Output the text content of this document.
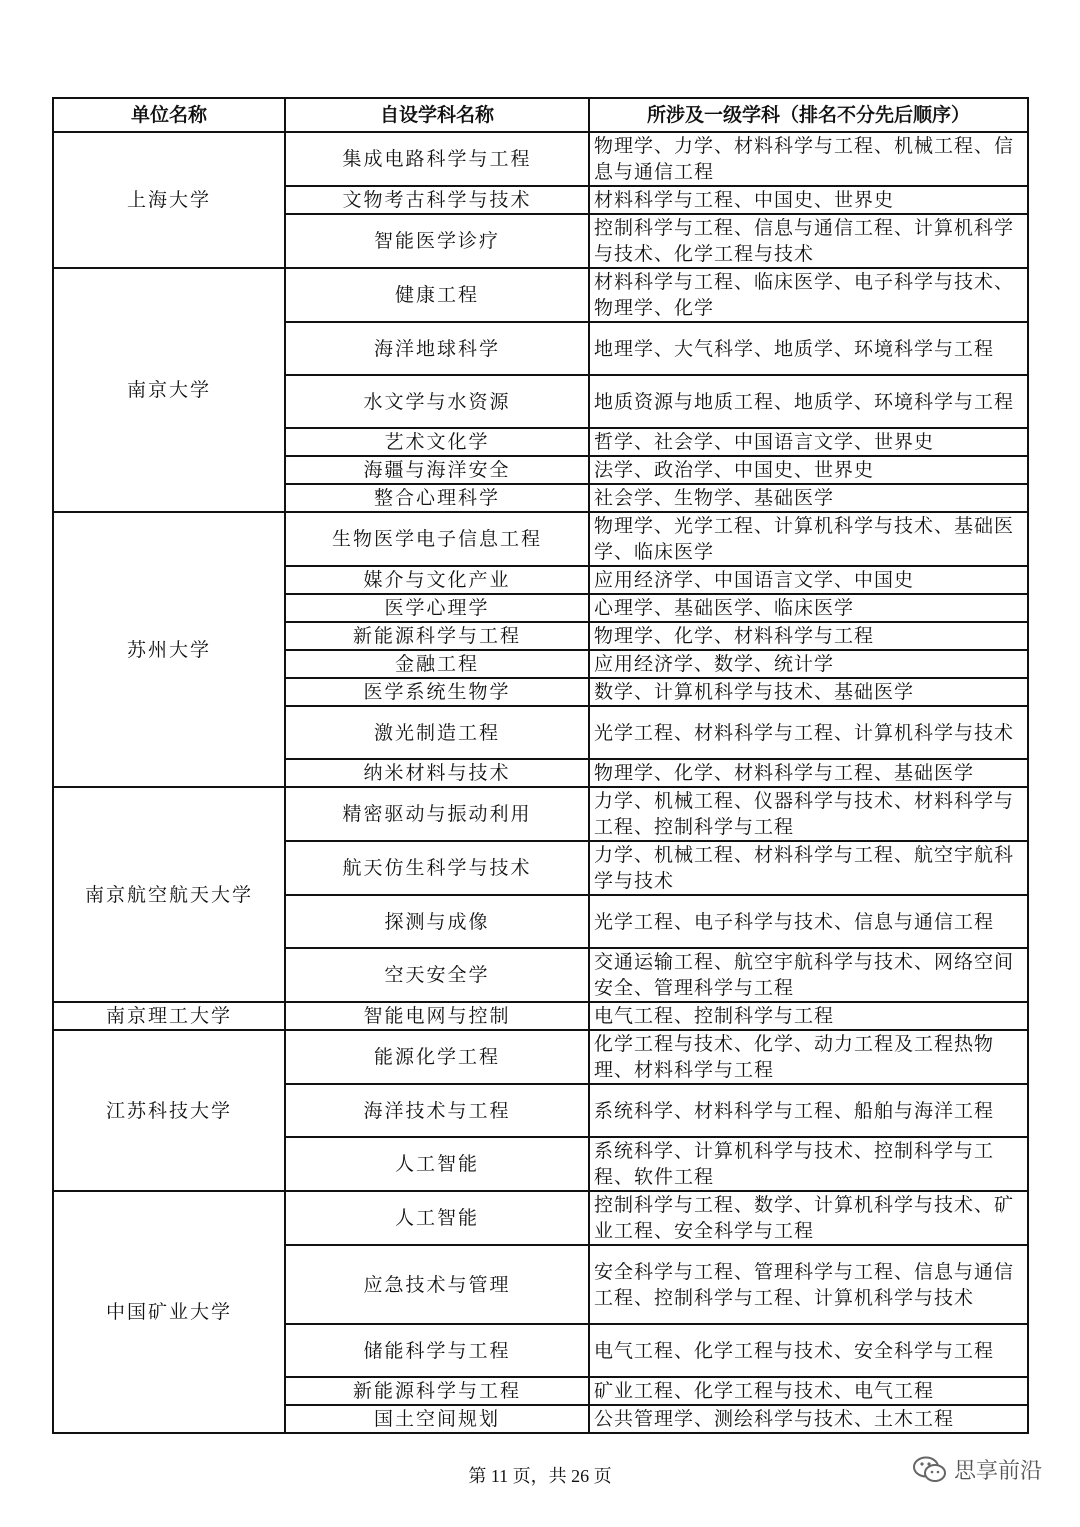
单位名称	自设学科名称	所涉及一级学科（排名不分先后顺序）
上海大学	集成电路科学与工程	物理学、力学、材料科学与工程、机械工程、信息与通信工程
	文物考古科学与技术	材料科学与工程、中国史、世界史
	智能医学诊疗	控制科学与工程、信息与通信工程、计算机科学与技术、化学工程与技术
南京大学	健康工程	材料科学与工程、临床医学、电子科学与技术、物理学、化学
	海洋地球科学	地理学、大气科学、地质学、环境科学与工程
	水文学与水资源	地质资源与地质工程、地质学、环境科学与工程
	艺术文化学	哲学、社会学、中国语言文学、世界史
	海疆与海洋安全	法学、政治学、中国史、世界史
	整合心理科学	社会学、生物学、基础医学
苏州大学	生物医学电子信息工程	物理学、光学工程、计算机科学与技术、基础医学、临床医学
	媒介与文化产业	应用经济学、中国语言文学、中国史
	医学心理学	心理学、基础医学、临床医学
	新能源科学与工程	物理学、化学、材料科学与工程
	金融工程	应用经济学、数学、统计学
	医学系统生物学	数学、计算机科学与技术、基础医学
	激光制造工程	光学工程、材料科学与工程、计算机科学与技术
	纳米材料与技术	物理学、化学、材料科学与工程、基础医学
南京航空航天大学	精密驱动与振动利用	力学、机械工程、仪器科学与技术、材料科学与工程、控制科学与工程
	航天仿生科学与技术	力学、机械工程、材料科学与工程、航空宇航科学与技术
	探测与成像	光学工程、电子科学与技术、信息与通信工程
	空天安全学	交通运输工程、航空宇航科学与技术、网络空间安全、管理科学与工程
南京理工大学	智能电网与控制	电气工程、控制科学与工程
江苏科技大学	能源化学工程	化学工程与技术、化学、动力工程及工程热物理、材料科学与工程
	海洋技术与工程	系统科学、材料科学与工程、船舶与海洋工程
	人工智能	系统科学、计算机科学与技术、控制科学与工程、软件工程
中国矿业大学	人工智能	控制科学与工程、数学、计算机科学与技术、矿业工程、安全科学与工程
	应急技术与管理	安全科学与工程、管理科学与工程、信息与通信工程、控制科学与工程、计算机科学与技术
	储能科学与工程	电气工程、化学工程与技术、安全科学与工程
	新能源科学与工程	矿业工程、化学工程与技术、电气工程
	国土空间规划	公共管理学、测绘科学与技术、土木工程
第 11 页，共 26 页	思享前沿
